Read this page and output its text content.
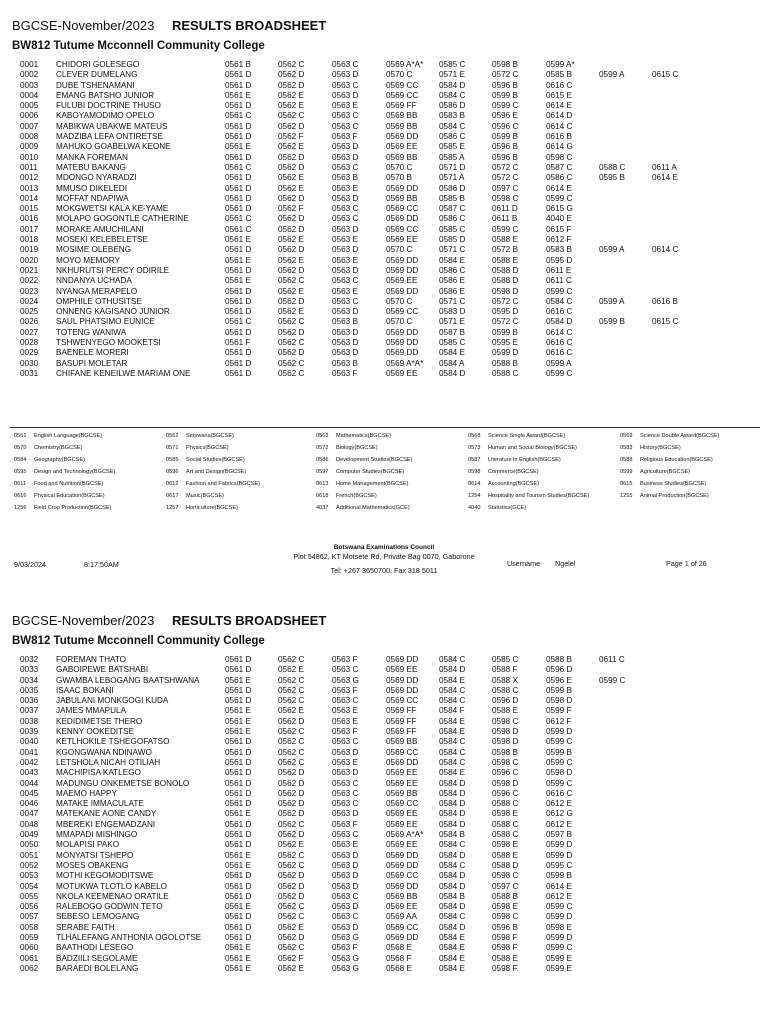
BGCSE-November/2023 RESULTS BROADSHEET
BW812 Tutume Mcconnell Community College
0001 CHIDORI GOLESEGO	0561 B	0562 C	0563 C	0569 A*A* 0585 C	0598 B	0599 A*
0002 CLEVER DUMELANG	0561 D	0562 D	0563 D	0570 C	0571 E	0572 C	0585 B	0599 A	0615 C
0003 DUBE TSHENAMANI	0561 D	0562 D	0563 C	0569 CC	0584 D	0596 B	0616 C
0004 EMANG BATSHO JUNIOR	0561 E	0562 E	0563 D	0569 CC	0584 C	0599 B	0615 E
0005 FULUBI DOCTRINE THUSO	0561 D	0562 E	0563 E	0569 FF	0586 D	0599 C	0614 E
0006 KABOYAMODIMO OPELO	0561 C	0562 C	0563 C	0569 BB	0583 B	0596 E	0614 D
0007 MABIKWA UBAKWE MATEUS	0561 D	0562 D	0563 C	0569 BB	0584 C	0596 C	0614 C
0008 MADZIBA LEFA ONTIRETSE	0561 D	0562 F	0563 F	0569 DD	0586 C	0599 B	0616 B
0009 MAHUKO GOABELWA KEONE	0561 E	0562 E	0563 D	0569 EE	0585 E	0596 B	0614 G
0010 MANKA FOREMAN	0561 D	0562 D	0563 D	0569 BB	0585 A	0596 B	0598 C
0011 MATEBU BAKANG	0561 C	0562 D	0563 C	0570 C	0571 D	0572 C	0587 C	0588 C	0611 A
0012 MDONGO NYARADZI	0561 D	0562 E	0563 B	0570 B	0571 A	0572 C	0586 C	0595 B	0614 E
0013 MMUSO DIKELEDI	0561 D	0562 E	0563 E	0569 DD	0586 D	0597 C	0614 E
0014 MOFFAT NDAPIWA	0561 D	0562 D	0563 D	0569 BB	0585 B	0598 C	0599 C
0015 MOKGWETSI KALA KE-YAME	0561 D	0562 F	0563 C	0569 CC	0587 C	0611 D	0615 G
0016 MOLAPO GOGONTLE CATHERINE	0561 C	0562 D	0563 C	0569 DD	0586 C	0611 B	4040 E
0017 MORAKE AMUCHILANI	0561 C	0562 D	0563 D	0569 CC	0585 C	0599 C	0615 F
0018 MOSEKI KELEBELETSE	0561 E	0562 E	0563 E	0569 EE	0585 D	0588 E	0612 F
0019 MOSIME OLEBENG	0561 D	0562 D	0563 D	0570 C	0571 C	0572 B	0583 B	0599 A	0614 C
0020 MOYO MEMORY	0561 E	0562 E	0563 E	0569 DD	0584 E	0588 E	0595 D
0021 NKHURUTSI PERCY ODIRILE	0561 D	0562 D	0563 D	0569 DD	0586 C	0588 D	0611 E
0022 NNDANYA UCHADA	0561 E	0562 C	0563 C	0569 EE	0586 E	0588 D	0611 C
0023 NYANGA MERAPELO	0561 D	0562 E	0563 E	0569 DD	0586 E	0598 D	0599 C
0024 OMPHILE OTHUSITSE	0561 D	0562 D	0563 C	0570 C	0571 C	0572 C	0584 C	0599 A	0616 B
0025 ONNENG KAGISANO JUNIOR	0561 D	0562 E	0563 D	0569 CC	0583 D	0595 D	0616 C
0026 SAUL PHATSIMO EUNICE	0561 C	0562 C	0563 B	0570 C	0571 E	0572 C	0584 D	0599 B	0615 C
0027 TOTENG WANIWA	0561 D	0562 D	0563 D	0569 DD	0587 B	0599 B	0614 C
0028 TSHWENYEGO MOOKETSI	0561 F	0562 C	0563 D	0569 DD	0585 C	0595 E	0616 C
0029 BAENELE MORERI	0561 D	0562 D	0563 D	0569 DD	0584 E	0599 D	0616 C
0030 BASUPI MOLETAR	0561 D	0562 C	0563 B	0569 A*A* 0584 A	0588 B	0599 A
0031 CHIFANE KENEILWE MARIAM ONE	0561 D	0562 C	0563 F	0569 EE	0584 D	0588 C	0599 C
0561 English Language(BGCSE)	0562 Setswana(BGCSE)	0563 Mathematics(BGCSE)	0568 Science Single Award(BGCSE)	0569 Science Double Award(BGCSE)
0570 Chemistry(BGCSE)	0571 Physics(BGCSE)	0572 Biology(BGCSE)	0573 Human and Social Biology(BGCSE)	0583 History(BGCSE)
0584 Geography(BGCSE)	0585 Social Studies(BGCSE)	0586 Development Studies(BGCSE)	0587 Literature in English(BGCSE)	0588 Religious Education(BGCSE)
0595 Design and Technology(BGCSE)	0596 Art and Design(BGCSE)	0597 Computer Studies(BGCSE)	0598 Commerce(BGCSE)	0599 Agriculture(BGCSE)
0611 Food and Nutrition(BGCSE)	0612 Fashion and Fabrics(BGCSE)	0613 Home Management(BGCSE)	0614 Accounting(BGCSE)	0615 Business Studies(BGCSE)
0616 Physical Education(BGCSE)	0617 Music(BGCSE)	0618 French(BGCSE)	1254 Hospitality and Tourism Studies(BGCSE)	1255 Animal Production(BGCSE)
1256 Field Crop Production(BGCSE)	1257 Horticulture(BGCSE)	4037 Additional Mathematics(GCE)	4040 Statistics(GCE)
Botswana Examinations Council
Plot 54862, KT Motsete Rd, Private Bag 0070, Gaborone
9/03/2024	8:17:50AM	Username Ngelel	Page 1 of 26
Tel: +267 3650700, Fax 318 5011
BGCSE-November/2023 RESULTS BROADSHEET
BW812 Tutume Mcconnell Community College
0032 FOREMAN THATO	0561 D	0562 C	0563 F	0569 DD	0584 C	0585 C	0588 B	0611 C
0033 GABOIPEWE BATSHABI	0561 D	0562 E	0563 C	0569 EE	0584 D	0588 F	0596 D
0034 GWAMBA LEBOGANG BAATSHWANA	0561 E	0562 C	0563 G	0569 DD	0584 E	0588 X	0596 E	0599 C
0035 ISAAC BOKANI	0561 D	0562 C	0563 F	0569 DD	0584 C	0588 C	0599 B
0036 JABULANI MONKGOGI KUDA	0561 D	0562 C	0563 C	0569 CC	0584 C	0596 D	0598 D
0037 JAMES MMAPULA	0561 E	0562 E	0563 E	0569 FF	0584 F	0588 E	0599 F
0038 KEDIDIMETSE THERO	0561 E	0562 D	0563 E	0569 FF	0584 E	0598 C	0612 F
0039 KENNY OOKEDITSE	0561 E	0562 C	0563 F	0569 FF	0584 E	0598 D	0599 D
0040 KETLHOKILE TSHEGOFATSO	0561 D	0562 C	0563 C	0569 BB	0584 C	0598 D	0599 C
0041 KGONGWANA NDINAWO	0561 D	0562 C	0563 D	0569 CC	0584 C	0598 B	0599 B
0042 LETSHOLA NICAH OTILIAH	0561 D	0562 C	0563 E	0569 DD	0584 C	0598 C	0599 C
0043 MACHIPISA KATLEGO	0561 D	0562 D	0563 D	0569 EE	0584 E	0596 C	0598 D
0044 MADUNGU ONKEMETSE BONOLO	0561 D	0562 D	0563 C	0569 EE	0584 D	0598 D	0599 C
0045 MAEMO HAPPY	0561 D	0562 D	0563 C	0569 BB	0584 D	0596 C	0616 C
0046 MATAKE IMMACULATE	0561 D	0562 D	0563 C	0569 CC	0584 D	0588 C	0612 E
0047 MATEKANE AONE CANDY	0561 E	0562 D	0563 D	0569 EE	0584 D	0598 E	0612 G
0048 MBEREKI ENGEMADZANI	0561 D	0562 C	0563 F	0569 EE	0584 D	0588 C	0612 E
0049 MMAPADI MISHINGO	0561 D	0562 D	0563 C	0569 A*A* 0584 B	0588 C	0597 B
0050 MOLAPISI PAKO	0561 D	0562 E	0563 E	0569 EE	0584 C	0598 E	0599 D
0051 MONYATSI TSHEPO	0561 E	0562 C	0563 D	0569 DD	0584 D	0588 E	0599 D
0052 MOSES OBAKENG	0561 E	0562 C	0563 D	0569 DD	0584 C	0588 D	0595 C
0053 MOTHI KEGOMODITSWE	0561 D	0562 D	0563 D	0569 CC	0584 D	0598 C	0599 B
0054 MOTUKWA TLOTLO KABELO	0561 D	0562 D	0563 D	0569 DD	0584 D	0597 C	0614 E
0055 NKOLA KEEMENAO ORATILE	0561 D	0562 D	0563 C	0569 BB	0584 B	0588 B	0612 E
0056 RALEBOGO GODWIN TETO	0561 E	0562 C	0563 D	0569 EE	0584 D	0598 E	0599 C
0057 SEBESO LEMOGANG	0561 D	0562 C	0563 C	0569 AA	0584 C	0598 C	0599 D
0058 SERABE FAITH	0561 D	0562 E	0563 D	0569 CC	0584 D	0596 B	0598 E
0059 TLHALEFANG ANTHONIA OGOLOTSE	0561 D	0562 D	0563 G	0569 DD	0584 E	0598 F	0599 D
0060 BAATHODI LESEGO	0561 E	0562 C	0563 F	0568 E	0584 E	0598 F	0599 C
0061 BADZIILI SEGOLAME	0561 E	0562 F	0563 G	0568 F	0584 E	0588 E	0599 E
0062 BARAEDI BOLELANG	0561 E	0562 E	0563 G	0568 E	0584 E	0598 F	0599 E
